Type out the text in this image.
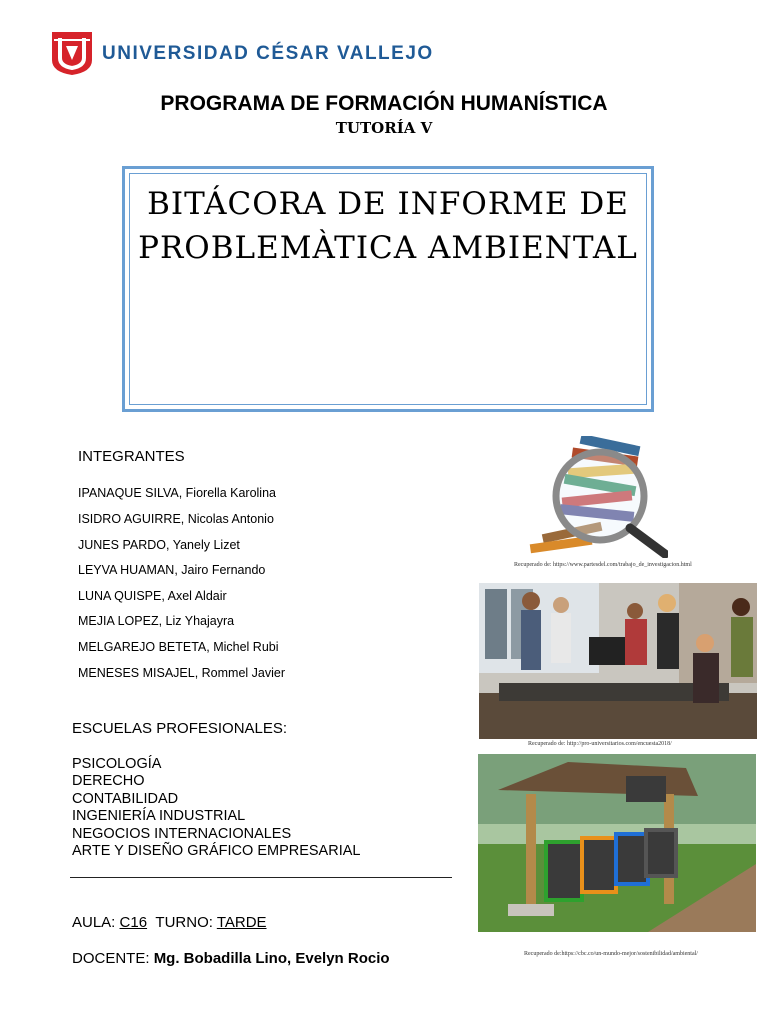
UNIVERSIDAD CÉSAR VALLEJO
PROGRAMA DE FORMACIÓN HUMANÍSTICA
TUTORÍA V
BITÁCORA DE INFORME DE
PROBLEMÀTICA AMBIENTAL
INTEGRANTES
IPANAQUE SILVA, Fiorella Karolina
ISIDRO AGUIRRE, Nicolas Antonio
JUNES PARDO, Yanely Lizet
LEYVA HUAMAN, Jairo Fernando
LUNA QUISPE, Axel Aldair
MEJIA LOPEZ, Liz Yhajayra
MELGAREJO BETETA, Michel Rubi
MENESES MISAJEL, Rommel Javier
ESCUELAS PROFESIONALES:
PSICOLOGÍA
DERECHO
CONTABILIDAD
INGENIERÍA INDUSTRIAL
NEGOCIOS INTERNACIONALES
ARTE Y DISEÑO GRÁFICO EMPRESARIAL
AULA: C16 TURNO: TARDE
DOCENTE: Mg. Bobadilla Lino, Evelyn Rocio
Recuperado de: https://www.partesdel.com/trabajo_de_investigacion.html
Recuperado de: http://pro-universitarios.com/encuesta2018/
Recuperado de:https://cbc.co/un-mundo-mejor/sostenibilidad/ambiental/
